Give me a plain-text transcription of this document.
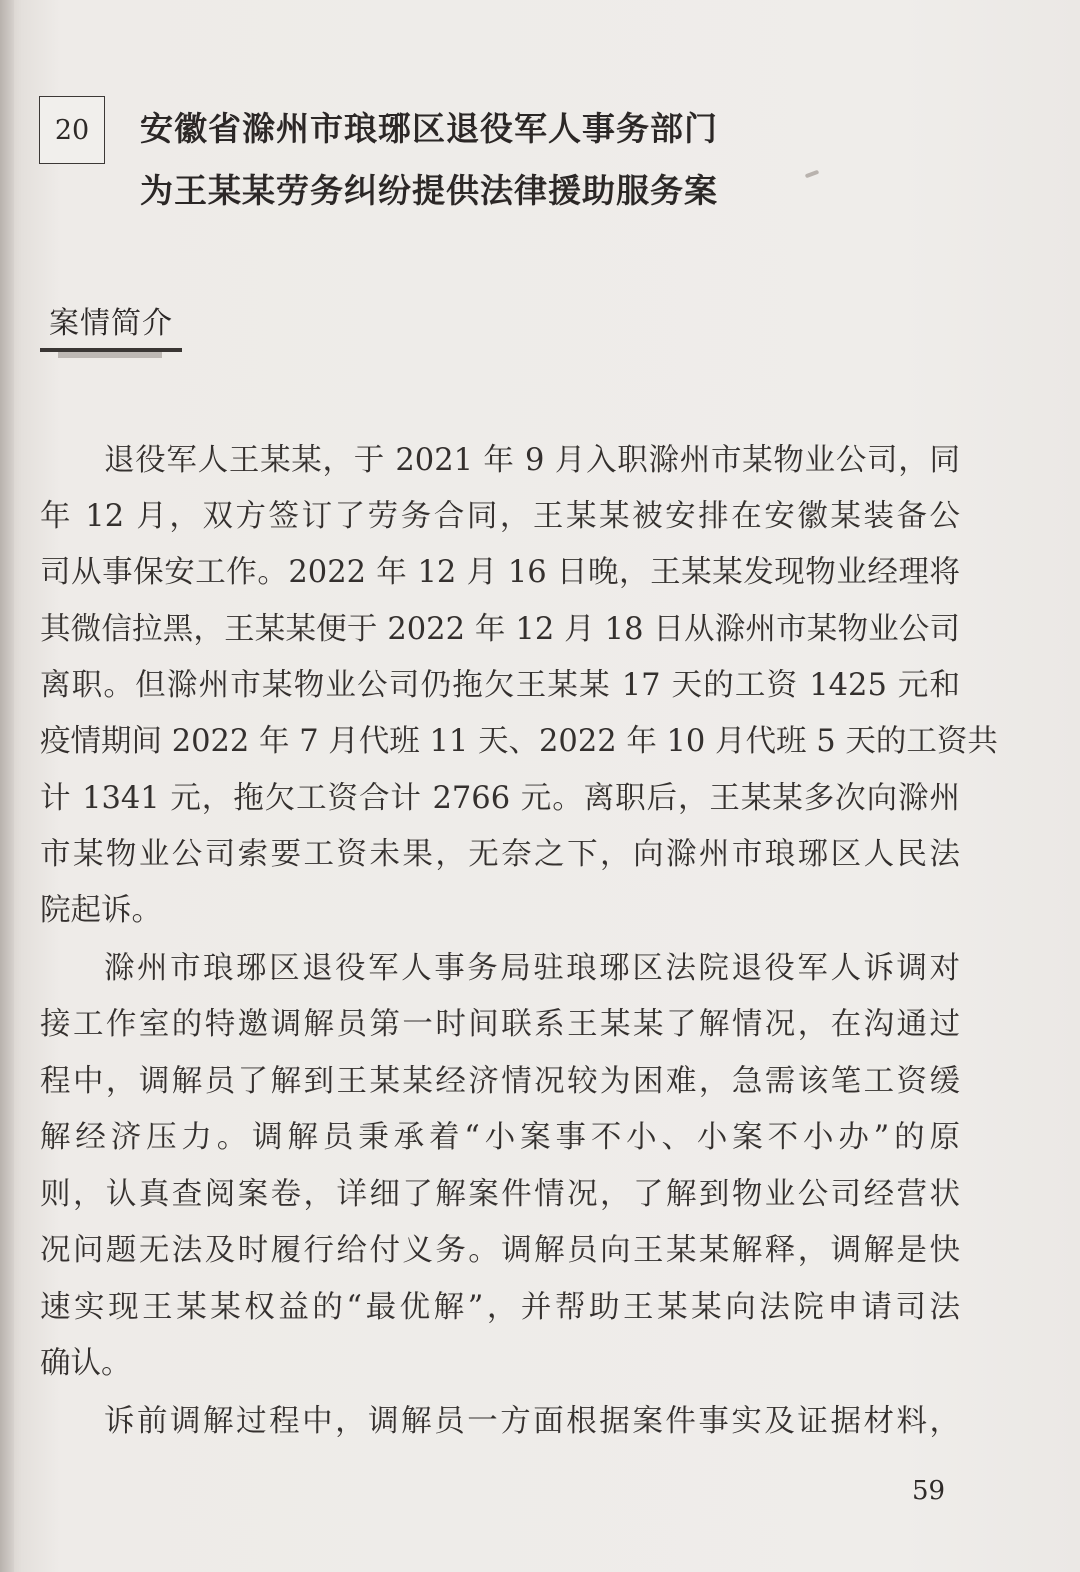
20	安徽省滁州市琅琊区退役军人事务部门
为王某某劳务纠纷提供法律援助服务案
案情简介
退役军人王某某，于 2021 年 9 月入职滁州市某物业公司，同
年 12 月，双方签订了劳务合同，王某某被安排在安徽某装备公
司从事保安工作。2022 年 12 月 16 日晚，王某某发现物业经理将
其微信拉黑，王某某便于 2022 年 12 月 18 日从滁州市某物业公司
离职。但滁州市某物业公司仍拖欠王某某 17 天的工资 1425 元和
疫情期间 2022 年 7 月代班 11 天、2022 年 10 月代班 5 天的工资共
计 1341 元，拖欠工资合计 2766 元。离职后，王某某多次向滁州
市某物业公司索要工资未果，无奈之下，向滁州市琅琊区人民法
院起诉。
滁州市琅琊区退役军人事务局驻琅琊区法院退役军人诉调对
接工作室的特邀调解员第一时间联系王某某了解情况，在沟通过
程中，调解员了解到王某某经济情况较为困难，急需该笔工资缓
解经济压力。调解员秉承着“小案事不小、小案不小办”的原
则，认真查阅案卷，详细了解案件情况，了解到物业公司经营状
况问题无法及时履行给付义务。调解员向王某某解释，调解是快
速实现王某某权益的“最优解”，并帮助王某某向法院申请司法
确认。
诉前调解过程中，调解员一方面根据案件事实及证据材料，
59
